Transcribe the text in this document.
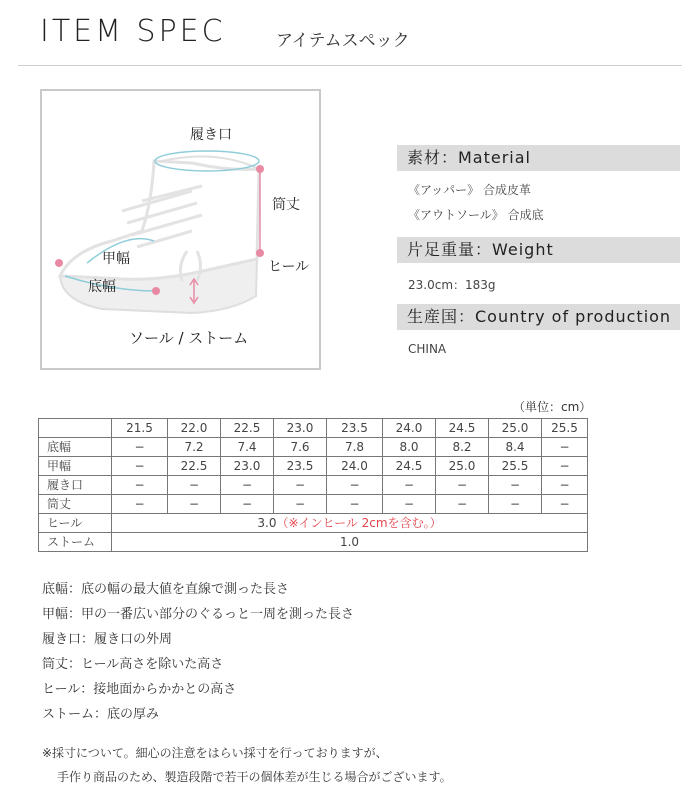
ITEM SPEC	アイテムスペック
履き口
筒丈
甲幅	ヒール
底幅
ソール / ストーム
素材：Material
《アッパー》 合成皮革
《アウトソール》 合成底
片足重量：Weight
23.0cm：183g
生産国：Country of production
CHINA
（単位：cm）
	21.5	22.0	22.5	23.0	23.5	24.0	24.5	25.0	25.5
底幅	−	7.2	7.4	7.6	7.8	8.0	8.2	8.4	−
甲幅	−	22.5	23.0	23.5	24.0	24.5	25.0	25.5	−
履き口	−	−	−	−	−	−	−	−	−
筒丈	−	−	−	−	−	−	−	−	−
ヒール	3.0（※インヒール 2cmを含む。）								
ストーム	1.0								
底幅：底の幅の最大値を直線で測った長さ
甲幅：甲の一番広い部分のぐるっと一周を測った長さ
履き口：履き口の外周
筒丈：ヒール高さを除いた高さ
ヒール：接地面からかかとの高さ
ストーム：底の厚み
※採寸について。細心の注意をはらい採寸を行っておりますが、
手作り商品のため、製造段階で若干の個体差が生じる場合がございます。
